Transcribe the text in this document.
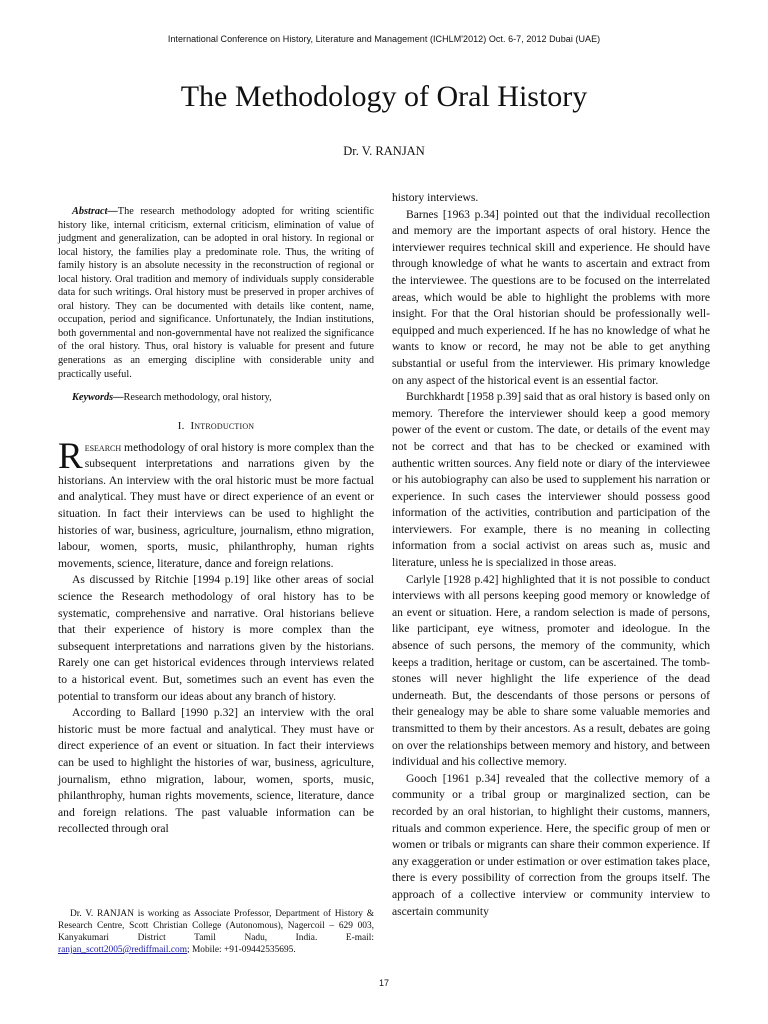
International Conference on History, Literature and Management (ICHLM'2012) Oct. 6-7, 2012 Dubai (UAE)
The Methodology of Oral History
Dr. V. RANJAN

Abstract—The research methodology adopted for writing scientific history like, internal criticism, external criticism, elimination of value of judgment and generalization, can be adopted in oral history. In regional or local history, the families play a predominate role. Thus, the writing of family history is an absolute necessity in the reconstruction of regional or local history. Oral tradition and memory of individuals supply considerable data for such writings. Oral history must be preserved in proper archives of oral history. They can be documented with details like content, name, occupation, period and significance. Unfortunately, the Indian institutions, both governmental and non-governmental have not realized the significance of the oral history. Thus, oral history is valuable for present and future generations as an emerging discipline with considerable unity and practically useful.

Keywords—Research methodology, oral history,

I. Introduction

Research methodology of oral history is more complex than the subsequent interpretations and narrations given by the historians. An interview with the oral historic must be more factual and analytical. They must have or direct experience of an event or situation. In fact their interviews can be used to highlight the histories of war, business, agriculture, journalism, ethno migration, labour, women, sports, music, philanthrophy, human rights movements, science, literature, dance and foreign relations.

As discussed by Ritchie [1994 p.19] like other areas of social science the Research methodology of oral history has to be systematic, comprehensive and narrative. Oral historians believe that their experience of history is more complex than the subsequent interpretations and narrations given by the historians. Rarely one can get historical evidences through interviews related to a historical event. But, sometimes such an event has even the potential to transform our ideas about any branch of history.

According to Ballard [1990 p.32] an interview with the oral historic must be more factual and analytical. They must have or direct experience of an event or situation. In fact their interviews can be used to highlight the histories of war, business, agriculture, journalism, ethno migration, labour, women, sports, music, philanthrophy, human rights movements, science, literature, dance and foreign relations. The past valuable information can be recollected through oral

history interviews.

Barnes [1963 p.34] pointed out that the individual recollection and memory are the important aspects of oral history. Hence the interviewer requires technical skill and experience. He should have through knowledge of what he wants to ascertain and extract from the interviewee. The questions are to be focused on the interrelated areas, which would be able to highlight the problems with more insight. For that the Oral historian should be professionally well-equipped and much experienced. If he has no knowledge of what he wants to know or record, he may not be able to get anything substantial or useful from the interviewer. His primary knowledge on any aspect of the historical event is an essential factor.

Burchkhardt [1958 p.39] said that as oral history is based only on memory. Therefore the interviewer should keep a good memory power of the event or custom. The date, or details of the event may not be correct and that has to be checked or examined with authentic written sources. Any field note or diary of the interviewee or his autobiography can also be used to supplement his narration or experience. In such cases the interviewer should possess good information of the activities, contribution and participation of the interviewers. For example, there is no meaning in collecting information from a social activist on areas such as, music and literature, unless he is specialized in those areas.

Carlyle [1928 p.42] highlighted that it is not possible to conduct interviews with all persons keeping good memory or knowledge of an event or situation. Here, a random selection is made of persons, like participant, eye witness, promoter and ideologue. In the absence of such persons, the memory of the community, which keeps a tradition, heritage or custom, can be ascertained. The tomb-stones will never highlight the life experience of the dead underneath. But, the descendants of those persons or persons of their genealogy may be able to share some valuable memories and transmitted to them by their ancestors. As a result, debates are going on over the relationships between memory and history, and between individual and his collective memory.

Gooch [1961 p.34] revealed that the collective memory of a community or a tribal group or marginalized section, can be recorded by an oral historian, to highlight their customs, manners, rituals and common experience. Here, the specific group of men or women or tribals or migrants can share their common experience. If any exaggeration or under estimation or over estimation takes place, there is every possibility of correction from the groups itself. The approach of a collective interview or community interview to ascertain community

Dr. V. RANJAN is working as Associate Professor, Department of History & Research Centre, Scott Christian College (Autonomous), Nagercoil – 629 003, Kanyakumari District Tamil Nadu, India. E-mail: ranjan_scott2005@rediffmail.com; Mobile: +91-09442535695.
17
